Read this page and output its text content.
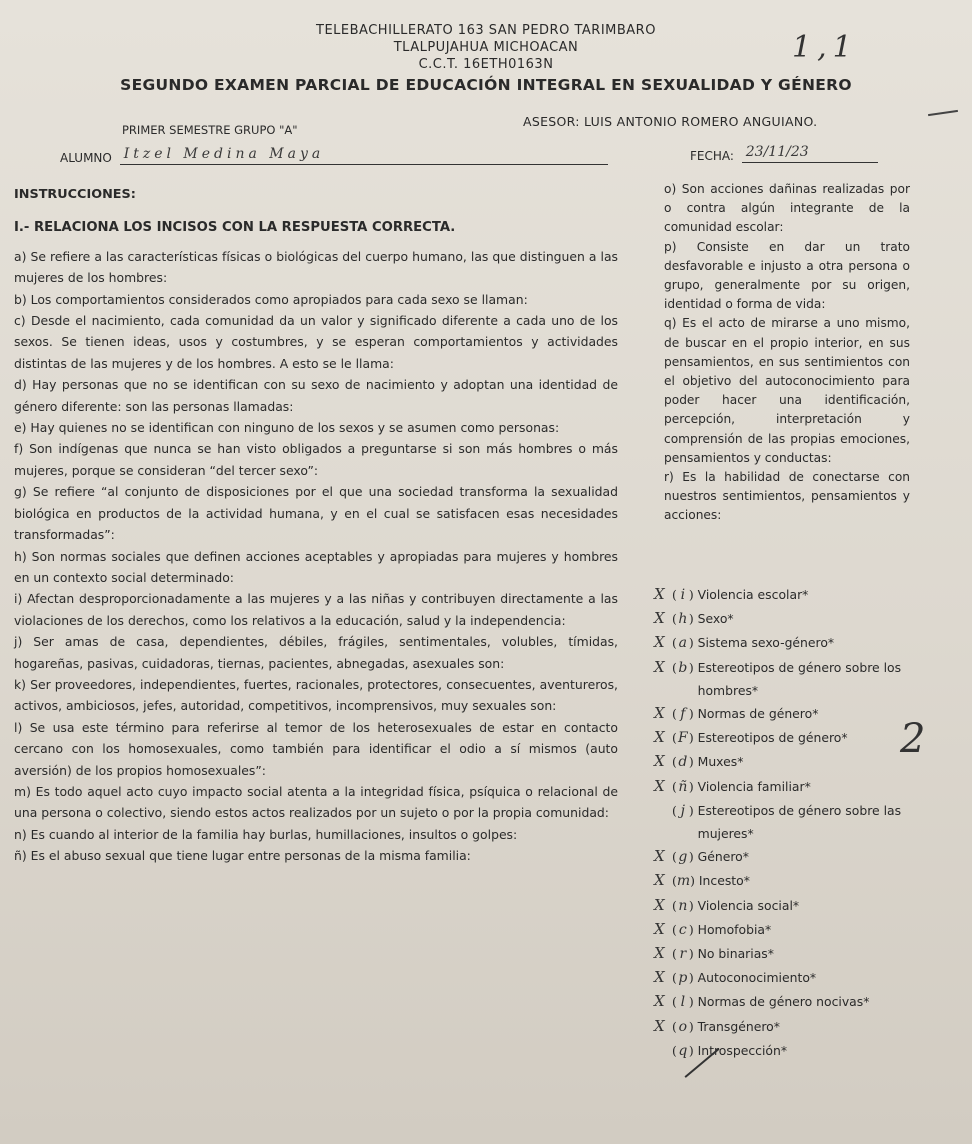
TELEBACHILLERATO 163 SAN PEDRO TARIMBARO
TLALPUJAHUA MICHOACAN
C.C.T. 16ETH0163N
SEGUNDO EXAMEN PARCIAL DE EDUCACIÓN INTEGRAL EN SEXUALIDAD Y GÉNERO
1,1
PRIMER SEMESTRE GRUPO "A"
ASESOR: LUIS ANTONIO ROMERO ANGUIANO.
ALUMNO Itzel Medina Maya	FECHA: 23/11/23
INSTRUCCIONES:
I.- RELACIONA LOS INCISOS CON LA RESPUESTA CORRECTA.
a) Se refiere a las características físicas o biológicas del cuerpo humano, las que distinguen a las mujeres de los hombres:
b) Los comportamientos considerados como apropiados para cada sexo se llaman:
c) Desde el nacimiento, cada comunidad da un valor y significado diferente a cada uno de los sexos. Se tienen ideas, usos y costumbres, y se esperan comportamientos y actividades distintas de las mujeres y de los hombres. A esto se le llama:
d) Hay personas que no se identifican con su sexo de nacimiento y adoptan una identidad de género diferente: son las personas llamadas:
e) Hay quienes no se identifican con ninguno de los sexos y se asumen como personas:
f) Son indígenas que nunca se han visto obligados a preguntarse si son más hombres o más mujeres, porque se consideran “del tercer sexo”:
g) Se refiere “al conjunto de disposiciones por el que una sociedad transforma la sexualidad biológica en productos de la actividad humana, y en el cual se satisfacen esas necesidades transformadas”:
h) Son normas sociales que definen acciones aceptables y apropiadas para mujeres y hombres en un contexto social determinado:
i) Afectan desproporcionadamente a las mujeres y a las niñas y contribuyen directamente a las violaciones de los derechos, como los relativos a la educación, salud y la independencia:
j) Ser amas de casa, dependientes, débiles, frágiles, sentimentales, volubles, tímidas, hogareñas, pasivas, cuidadoras, tiernas, pacientes, abnegadas, asexuales son:
k) Ser proveedores, independientes, fuertes, racionales, protectores, consecuentes, aventureros, activos, ambiciosos, jefes, autoridad, competitivos, incomprensivos, muy sexuales son:
l) Se usa este término para referirse al temor de los heterosexuales de estar en contacto cercano con los homosexuales, como también para identificar el odio a sí mismos (auto aversión) de los propios homosexuales”:
m) Es todo aquel acto cuyo impacto social atenta a la integridad física, psíquica o relacional de una persona o colectivo, siendo estos actos realizados por un sujeto o por la propia comunidad:
n) Es cuando al interior de la familia hay burlas, humillaciones, insultos o golpes:
ñ) Es el abuso sexual que tiene lugar entre personas de la misma familia:
o) Son acciones dañinas realizadas por o contra algún integrante de la comunidad escolar:
p) Consiste en dar un trato desfavorable e injusto a otra persona o grupo, generalmente por su origen, identidad o forma de vida:
q) Es el acto de mirarse a uno mismo, de buscar en el propio interior, en sus pensamientos, en sus sentimientos con el objetivo del autoconocimiento para poder hacer una identificación, percepción, interpretación y comprensión de las propias emociones, pensamientos y conductas:
r) Es la habilidad de conectarse con nuestros sentimientos, pensamientos y acciones:
X ( i ) Violencia escolar*
X (h) Sexo*
X ( a ) Sistema sexo-género*
X ( b ) Estereotipos de género sobre los hombres*
X ( f ) Normas de género*
X (F) Estereotipos de género*
X ( d ) Muxes*
X (ñ) Violencia familiar*
( j ) Estereotipos de género sobre las mujeres*
X ( g ) Género*
X (m) Incesto*
X (n) Violencia social*
X ( c ) Homofobia*
X ( r ) No binarias*
X ( p ) Autoconocimiento*
X ( l ) Normas de género nocivas*
X ( o ) Transgénero*
( q ) Introspección*
2
